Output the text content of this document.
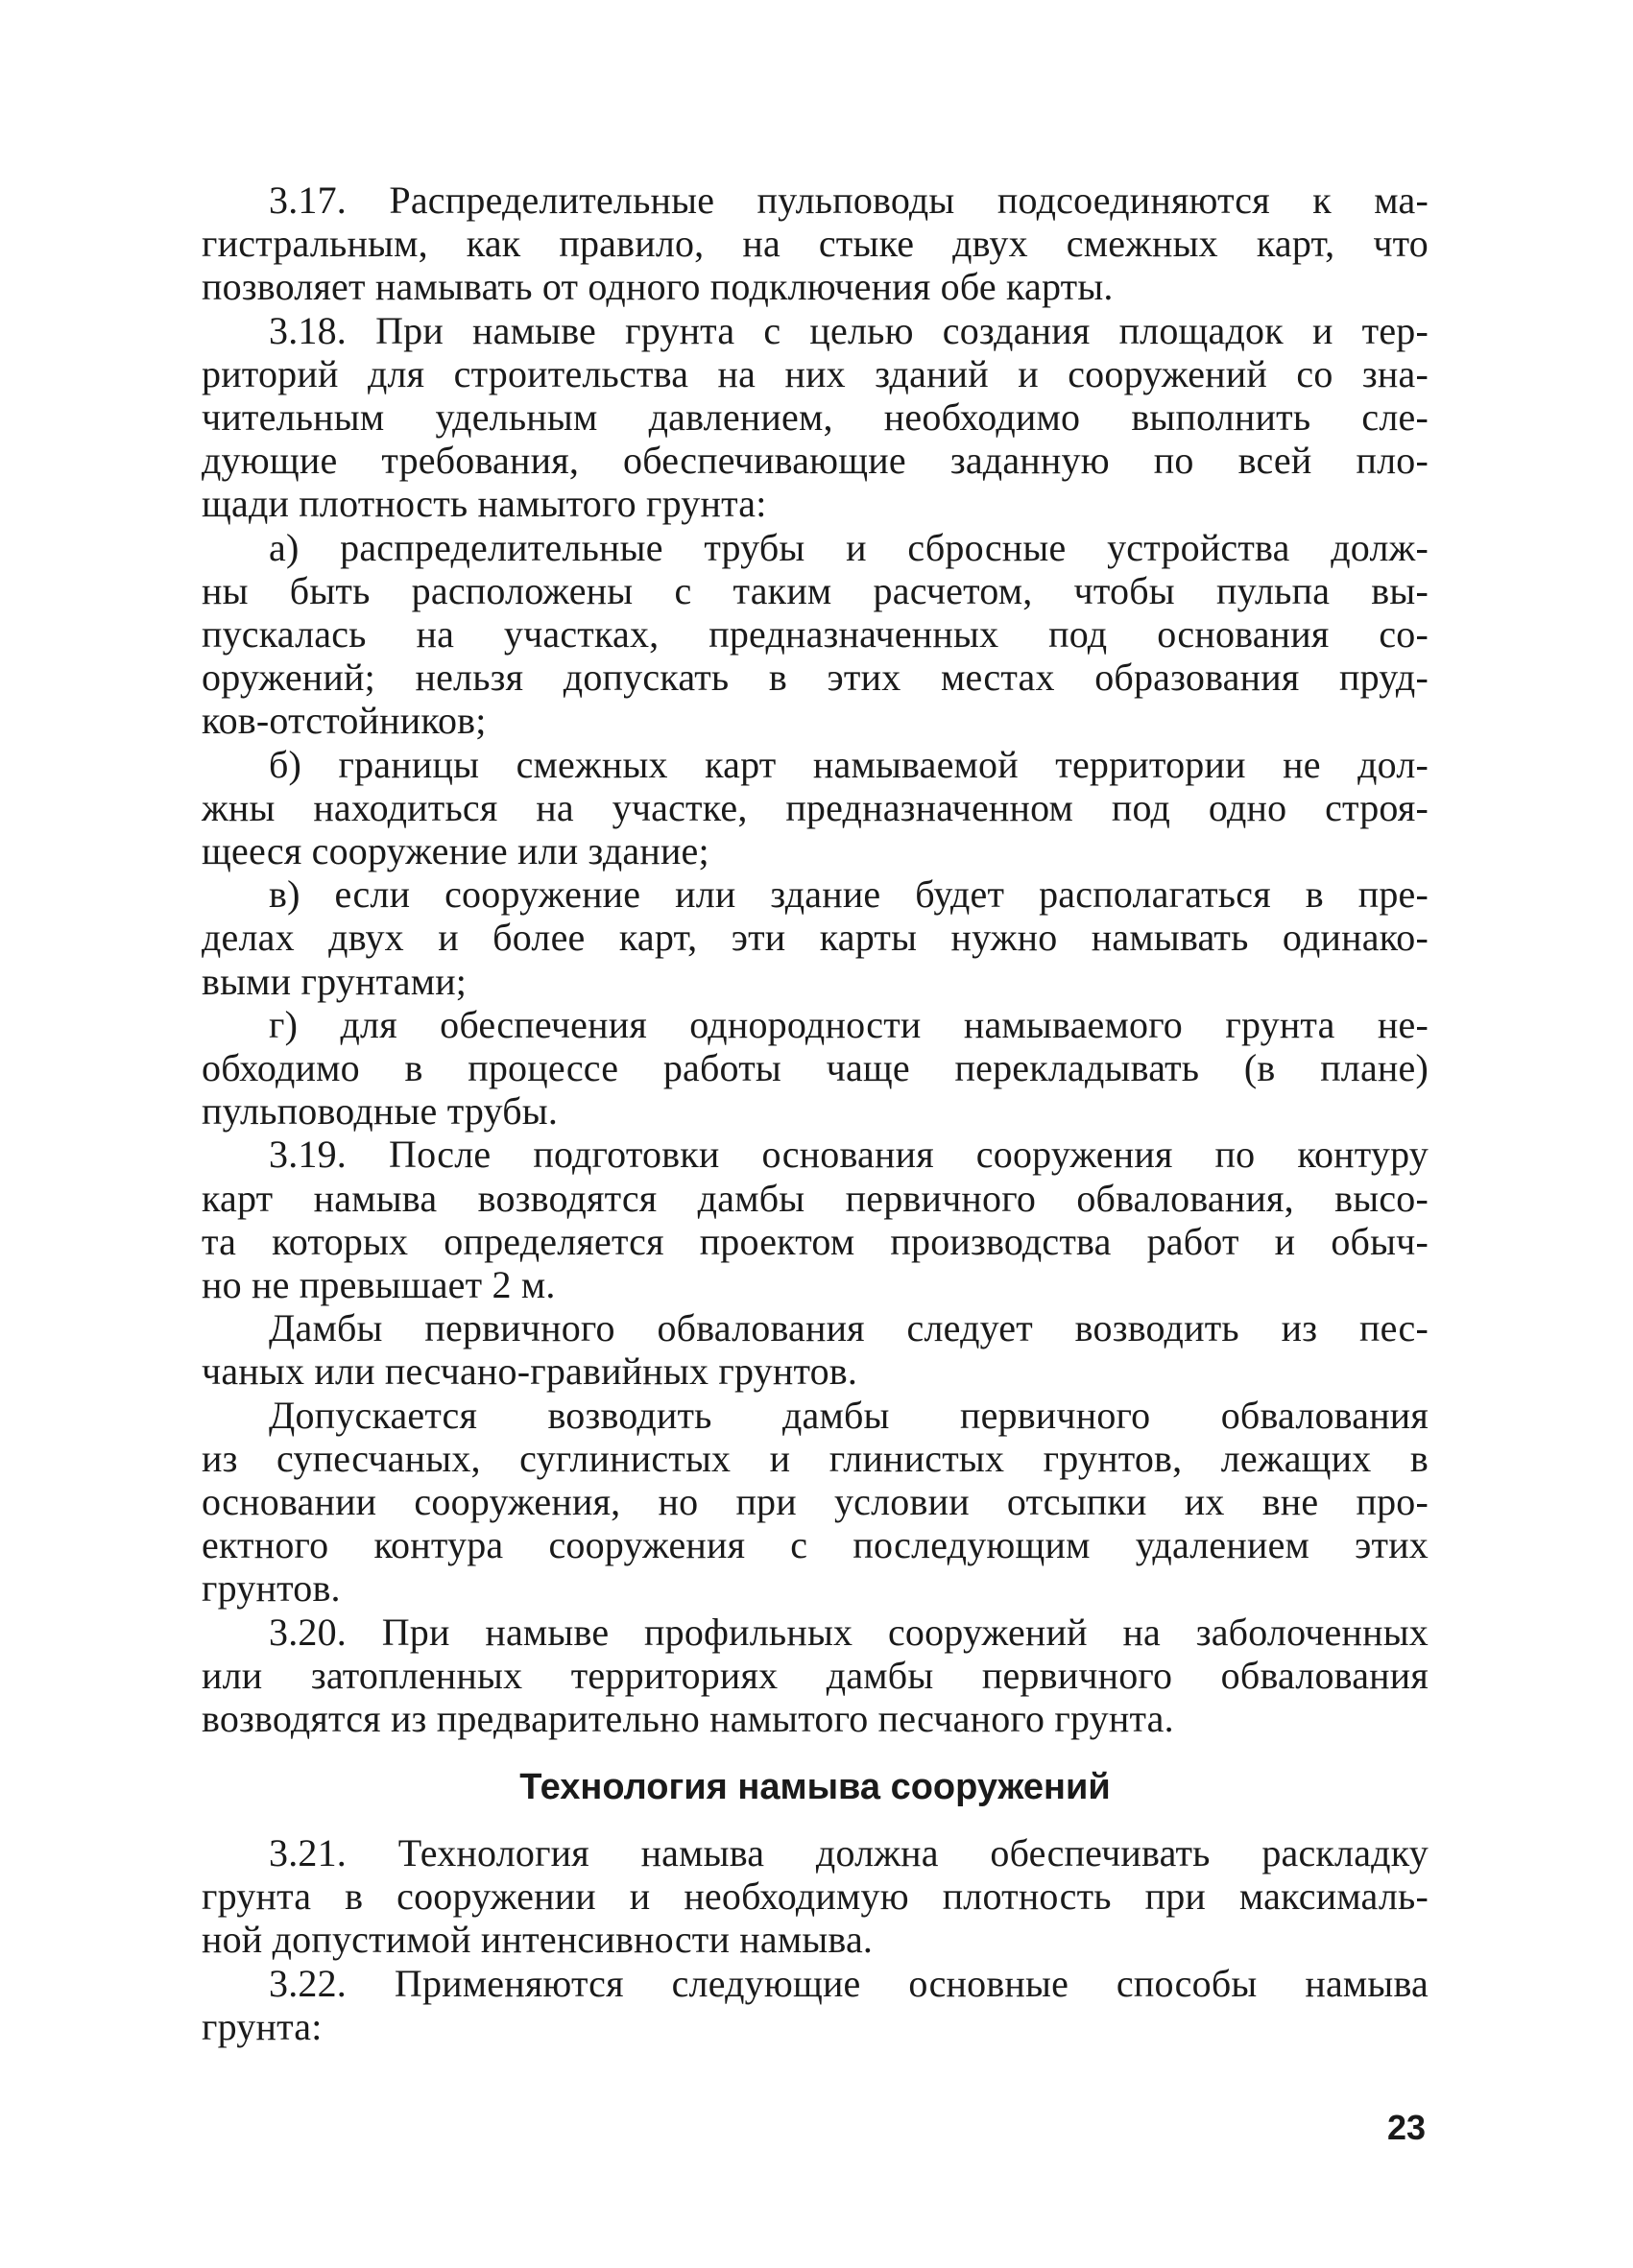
3.17. Распределительные пульповоды подсоединяются к ма-
гистральным, как правило, на стыке двух смежных карт, что
позволяет намывать от одного подключения обе карты.
3.18. При намыве грунта с целью создания площадок и тер-
риторий для строительства на них зданий и сооружений со зна-
чительным удельным давлением, необходимо выполнить сле-
дующие требования, обеспечивающие заданную по всей пло-
щади плотность намытого грунта:
а) распределительные трубы и сбросные устройства долж-
ны быть расположены с таким расчетом, чтобы пульпа вы-
пускалась на участках, предназначенных под основания со-
оружений; нельзя допускать в этих местах образования пруд-
ков-отстойников;
б) границы смежных карт намываемой территории не дол-
жны находиться на участке, предназначенном под одно строя-
щееся сооружение или здание;
в) если сооружение или здание будет располагаться в пре-
делах двух и более карт, эти карты нужно намывать одинако-
выми грунтами;
г) для обеспечения однородности намываемого грунта не-
обходимо в процессе работы чаще перекладывать (в плане)
пульповодные трубы.
3.19. После подготовки основания сооружения по контуру
карт намыва возводятся дамбы первичного обвалования, высо-
та которых определяется проектом производства работ и обыч-
но не превышает 2 м.
Дамбы первичного обвалования следует возводить из пес-
чаных или песчано-гравийных грунтов.
Допускается возводить дамбы первичного обвалования
из супесчаных, суглинистых и глинистых грунтов, лежащих в
основании сооружения, но при условии отсыпки их вне про-
ектного контура сооружения с последующим удалением этих
грунтов.
3.20. При намыве профильных сооружений на заболоченных
или затопленных территориях дамбы первичного обвалования
возводятся из предварительно намытого песчаного грунта.
3.21. Технология намыва должна обеспечивать раскладку
грунта в сооружении и необходимую плотность при максималь-
ной допустимой интенсивности намыва.
3.22. Применяются следующие основные способы намыва
грунта:
Технология намыва сооружений
23
